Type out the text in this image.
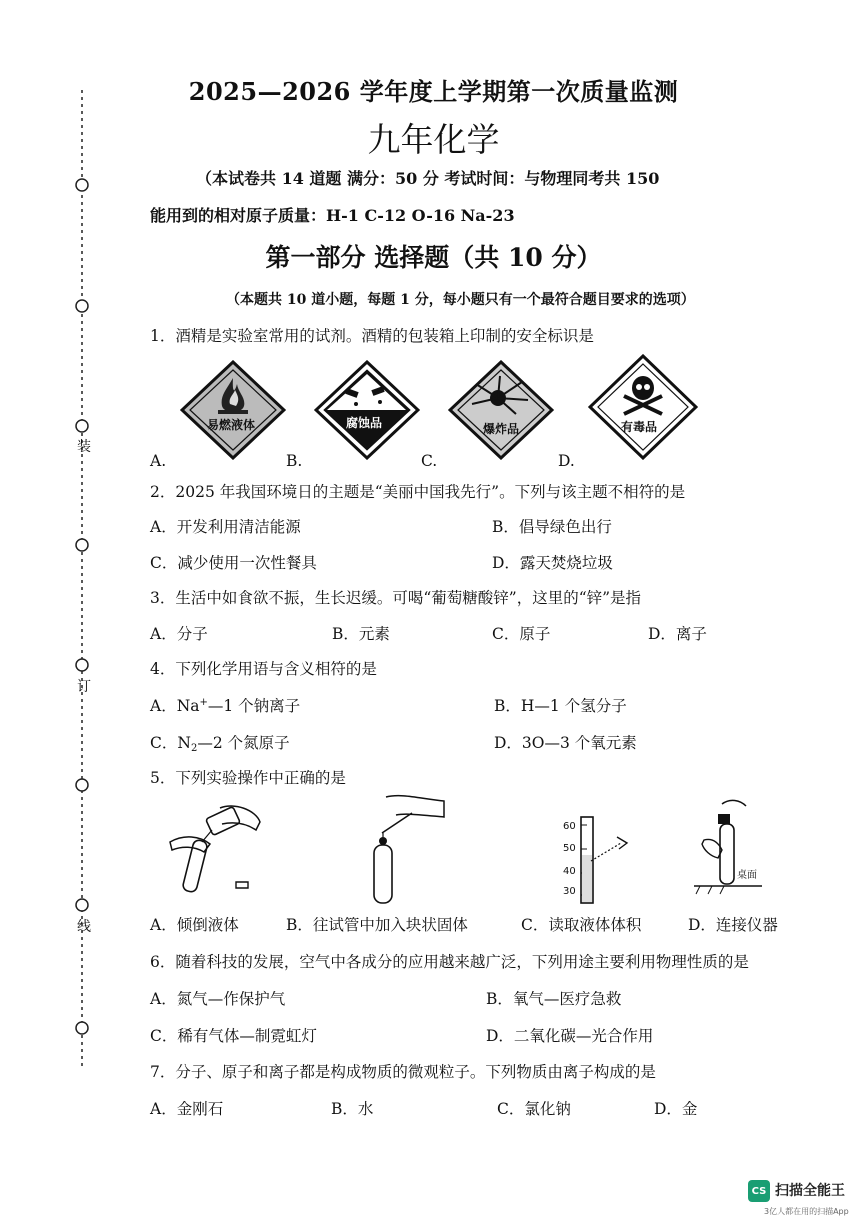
装
订
线
2025—2026 学年度上学期第一次质量监测
九年化学
（本试卷共 14 道题 满分：50 分 考试时间：与物理同考共 150
能用到的相对原子质量：H-1 C-12 O-16 Na-23
第一部分 选择题（共 10 分）
（本题共 10 道小题，每题 1 分，每小题只有一个最符合题目要求的选项）
1．酒精是实验室常用的试剂。酒精的包装箱上印制的安全标识是
易燃液体	腐蚀品	爆炸品	有毒品
A.	B.	C.	D.
2．2025 年我国环境日的主题是“美丽中国我先行”。下列与该主题不相符的是
A．开发利用清洁能源	B．倡导绿色出行
C．减少使用一次性餐具	D．露天焚烧垃圾
3．生活中如食欲不振，生长迟缓。可喝“葡萄糖酸锌”，这里的“锌”是指
A．分子	B．元素	C．原子	D．离子
4．下列化学用语与含义相符的是
A．Na+—1 个钠离子	B．H—1 个氢分子
C．$N_2—2$ 个氮原子	D．3O—3 个氧元素
5．下列实验操作中正确的是
60
50
40
30
桌面
A．倾倒液体	B．往试管中加入块状固体	C．读取液体体积	D．连接仪器
6．随着科技的发展，空气中各成分的应用越来越广泛，下列用途主要利用物理性质的是
A．氮气—作保护气	B．氧气—医疗急救
C．稀有气体—制霓虹灯	D．二氧化碳—光合作用
7．分子、原子和离子都是构成物质的微观粒子。下列物质由离子构成的是
A．金刚石	B．水	C．氯化钠	D．金
CS 扫描全能王
3亿人都在用的扫描App
